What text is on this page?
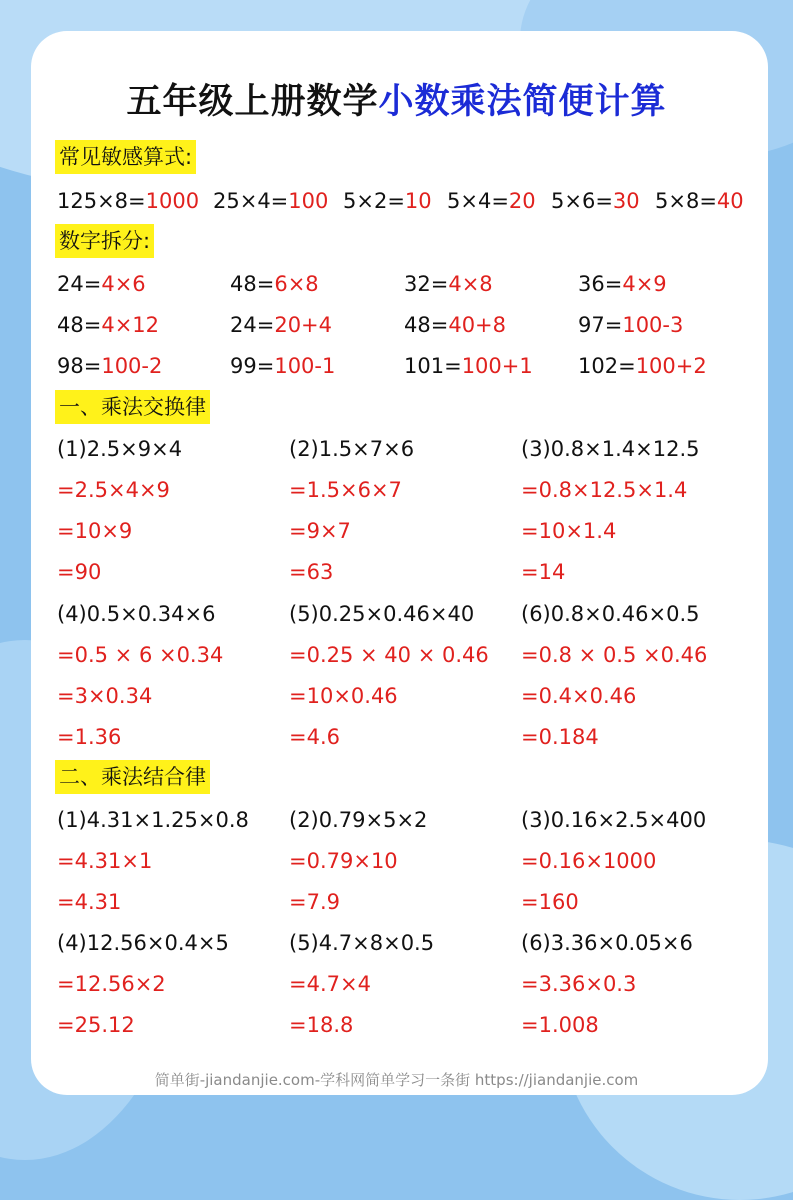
五年级上册数学小数乘法简便计算
常见敏感算式:
数字拆分:
一、乘法交换律
二、乘法结合律
125×8=1000 25×4=100 5×2=10 5×4=20 5×6=30 5×8=40
24=4×6	48=6×8	32=4×8	36=4×9
48=4×12	24=20+4	48=40+8	97=100-3
98=100-2	99=100-1	101=100+1 102=100+2
(1)2.5×9×4
=2.5×4×9
=10×9
=90
(2)1.5×7×6
=1.5×6×7
=9×7
=63
(3)0.8×1.4×12.5
=0.8×12.5×1.4
=10×1.4
=14
(4)0.5×0.34×6
=0.5 × 6 ×0.34
=3×0.34
=1.36
(5)0.25×0.46×40
=0.25 × 40 × 0.46
=10×0.46
=4.6
(6)0.8×0.46×0.5
=0.8 × 0.5 ×0.46
=0.4×0.46
=0.184
(1)4.31×1.25×0.8
=4.31×1
=4.31
(2)0.79×5×2
=0.79×10
=7.9
(3)0.16×2.5×400
=0.16×1000
=160
(4)12.56×0.4×5
=12.56×2
=25.12
(5)4.7×8×0.5
=4.7×4
=18.8
(6)3.36×0.05×6
=3.36×0.3
=1.008
简单街-jiandanjie.com-学科网简单学习一条街 https://jiandanjie.com
